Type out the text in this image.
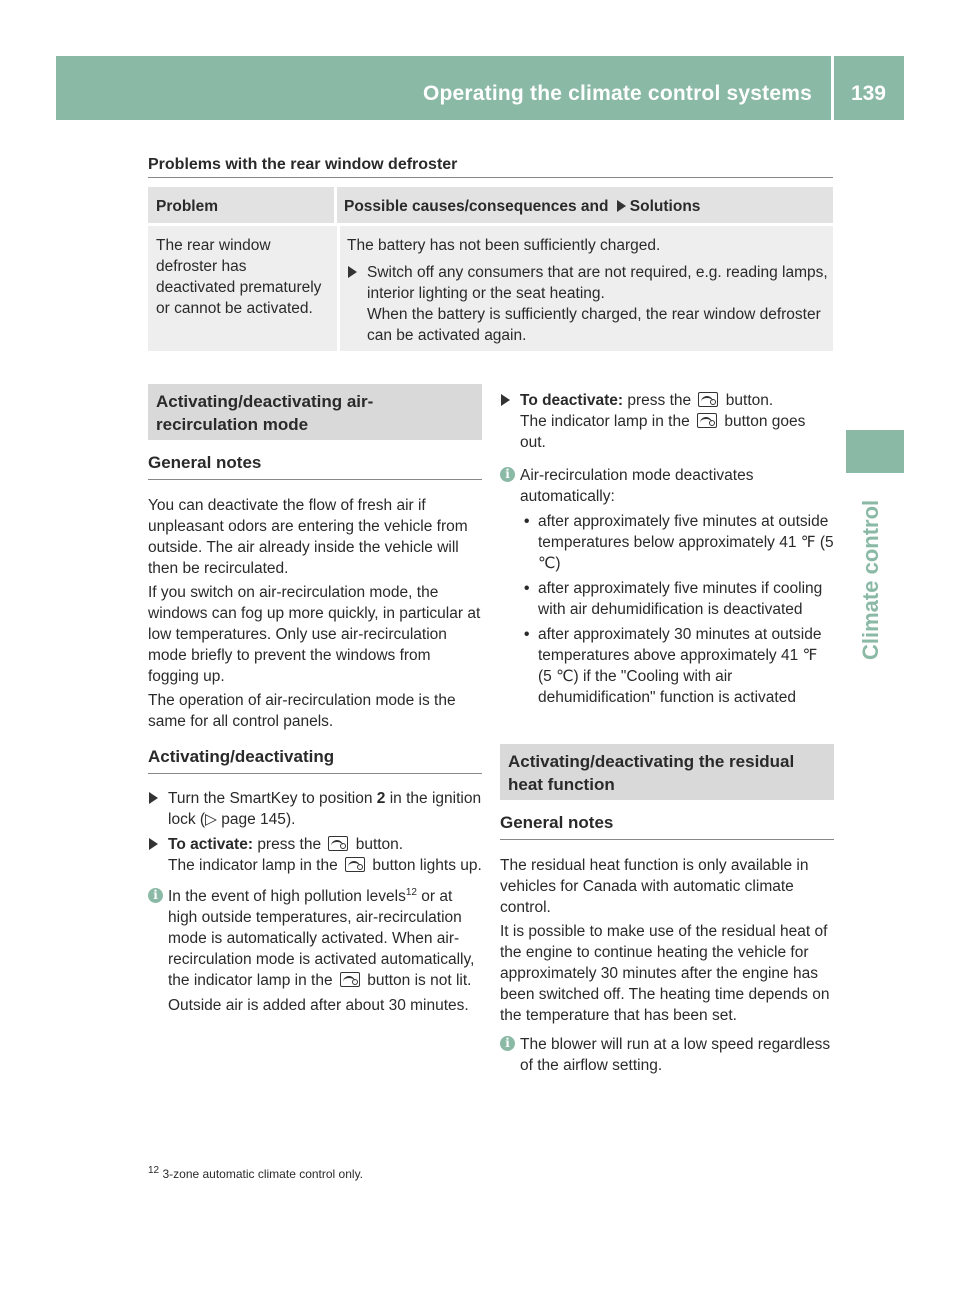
Operating the climate control systems 139
Climate control
Problems with the rear window defroster
Problem	Possible causes/consequences and Solutions
The rear window defroster has deactivated prematurely or cannot be activated.

The battery has not been sufficiently charged.

Switch off any consumers that are not required, e.g. reading lamps, interior lighting or the seat heating.
When the battery is sufficiently charged, the rear window defroster can be activated again.
Activating/deactivating air-recirculation mode
General notes

You can deactivate the flow of fresh air if unpleasant odors are entering the vehicle from outside. The air already inside the vehicle will then be recirculated.

If you switch on air-recirculation mode, the windows can fog up more quickly, in particular at low temperatures. Only use air-recirculation mode briefly to prevent the windows from fogging up.

The operation of air-recirculation mode is the same for all control panels.

Activating/deactivating
Turn the SmartKey to position 2 in the ignition lock (▷ page 145).
To activate: press the button.
The indicator lamp in the button lights up.
i In the event of high pollution levels$^{12}$ or at high outside temperatures, air-recirculation mode is automatically activated. When air-recirculation mode is activated automatically, the indicator lamp in the button is not lit.

Outside air is added after about 30 minutes.

To deactivate: press the button.
The indicator lamp in the button goes out.
i Air-recirculation mode deactivates automatically:
• after approximately five minutes at outside temperatures below approximately 41 ℉ (5 ℃)
• after approximately five minutes if cooling with air dehumidification is deactivated
• after approximately 30 minutes at outside temperatures above approximately 41 ℉ (5 ℃) if the "Cooling with air dehumidification" function is activated
Activating/deactivating the residual heat function
General notes

The residual heat function is only available in vehicles for Canada with automatic climate control.

It is possible to make use of the residual heat of the engine to continue heating the vehicle for approximately 30 minutes after the engine has been switched off. The heating time depends on the temperature that has been set.

i The blower will run at a low speed regardless of the airflow setting.
$^{12}$ 3-zone automatic climate control only.
